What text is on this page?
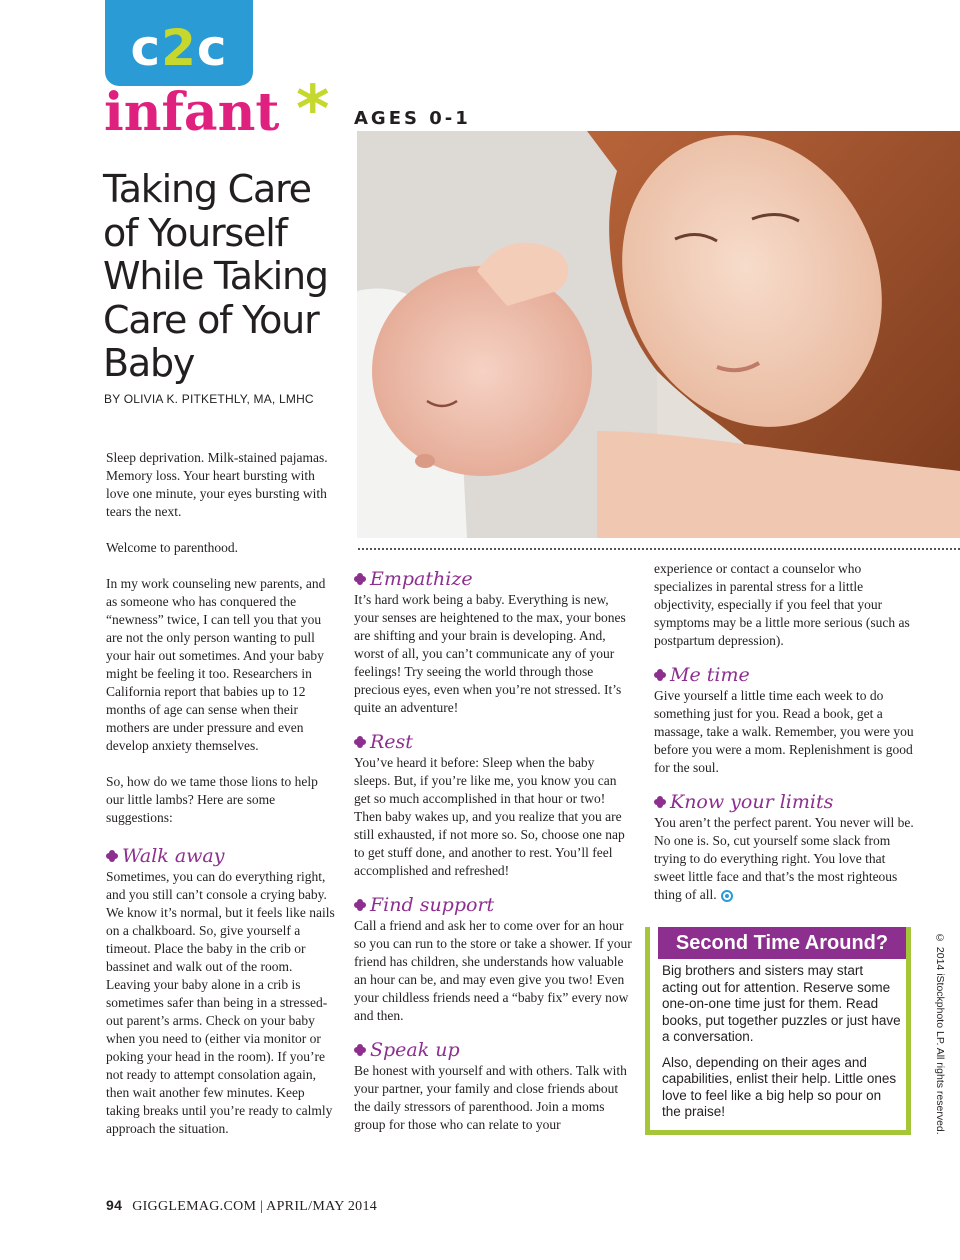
c2c
infant * AGES 0-1
Taking Care
of Yourself
While Taking
Care of Your
Baby
BY OLIVIA K. PITKETHLY, MA, LMHC

Sleep deprivation. Milk-stained pajamas. Memory loss. Your heart bursting with love one minute, your eyes bursting with tears the next.

Welcome to parenthood.

In my work counseling new parents, and as someone who has conquered the “newness” twice, I can tell you that you are not the only person wanting to pull your hair out sometimes. And your baby might be feeling it too. Researchers in California report that babies up to 12 months of age can sense when their mothers are under pressure and even develop anxiety themselves.

So, how do we tame those lions to help our little lambs? Here are some suggestions:

Walk away
Sometimes, you can do everything right, and you still can’t console a crying baby. We know it’s normal, but it feels like nails on a chalkboard. So, give yourself a timeout. Place the baby in the crib or bassinet and walk out of the room. Leaving your baby alone in a crib is sometimes safer than being in a stressed-out parent’s arms. Check on your baby when you need to (either via monitor or poking your head in the room). If you’re not ready to attempt consolation again, then wait another few minutes. Keep taking breaks until you’re ready to calmly approach the situation.
Empathize
It’s hard work being a baby. Everything is new, your senses are heightened to the max, your bones are shifting and your brain is developing. And, worst of all, you can’t communicate any of your feelings! Try seeing the world through those precious eyes, even when you’re not stressed. It’s quite an adventure!
Rest
You’ve heard it before: Sleep when the baby sleeps. But, if you’re like me, you know you can get so much accomplished in that hour or two! Then baby wakes up, and you realize that you are still exhausted, if not more so. So, choose one nap to get stuff done, and another to rest. You’ll feel accomplished and refreshed!
Find support
Call a friend and ask her to come over for an hour so you can run to the store or take a shower. If your friend has children, she understands how valuable an hour can be, and may even give you two! Even your childless friends need a “baby fix” every now and then.
Speak up
Be honest with yourself and with others. Talk with your partner, your family and close friends about the daily stressors of parenthood. Join a moms group for those who can relate to your
experience or contact a counselor who specializes in parental stress for a little objectivity, especially if you feel that your symptoms may be a little more serious (such as postpartum depression).
Me time
Give yourself a little time each week to do something just for you. Read a book, get a massage, take a walk. Remember, you were you before you were a mom. Replenishment is good for the soul.
Know your limits
You aren’t the perfect parent. You never will be. No one is. So, cut yourself some slack from trying to do everything right. You love that sweet little face and that’s the most righteous thing of all.
Second Time Around?

Big brothers and sisters may start acting out for attention. Reserve some one-on-one time just for them. Read books, put together puzzles or just have a conversation.

Also, depending on their ages and capabilities, enlist their help. Little ones love to feel like a big help so pour on the praise!	© 2014 iStockphoto LP. All rights reserved.
94 GIGGLEMAG.COM | APRIL/MAY 2014
